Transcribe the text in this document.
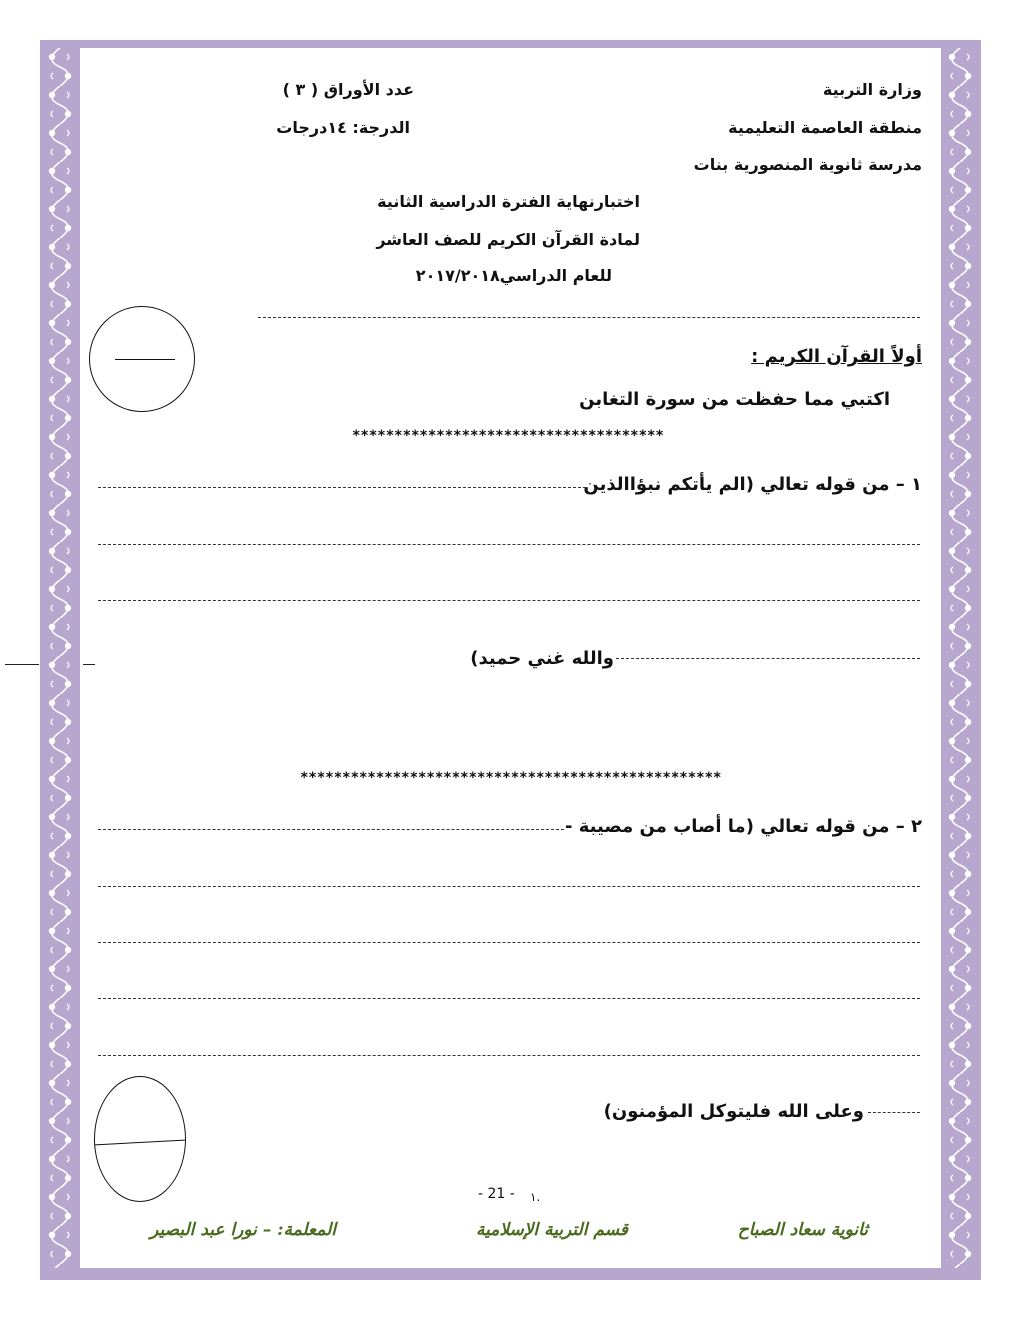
وزارة التربية
منطقة العاصمة التعليمية
مدرسة ثانوية المنصورية بنات
عدد الأوراق ( ٣ )
الدرجة: ١٤درجات
اختبارنهاية الفترة الدراسية الثانية
لمادة القرآن الكريم للصف العاشر
للعام الدراسي٢٠١٧/٢٠١٨
أولاً القرآن الكريم :
اكتبي مما حفظت من سورة التغابن
*************************************
١ – من قوله تعالي (الم يأتكم نبؤاالذين
والله غني حميد)
**************************************************
٢ – من قوله تعالي (ما أصاب من مصيبة -
وعلى الله فليتوكل المؤمنون)
- 21 - ١.
ثانوية سعاد الصباح
قسم التربية الإسلامية
المعلمة: – نورا عبد البصير
